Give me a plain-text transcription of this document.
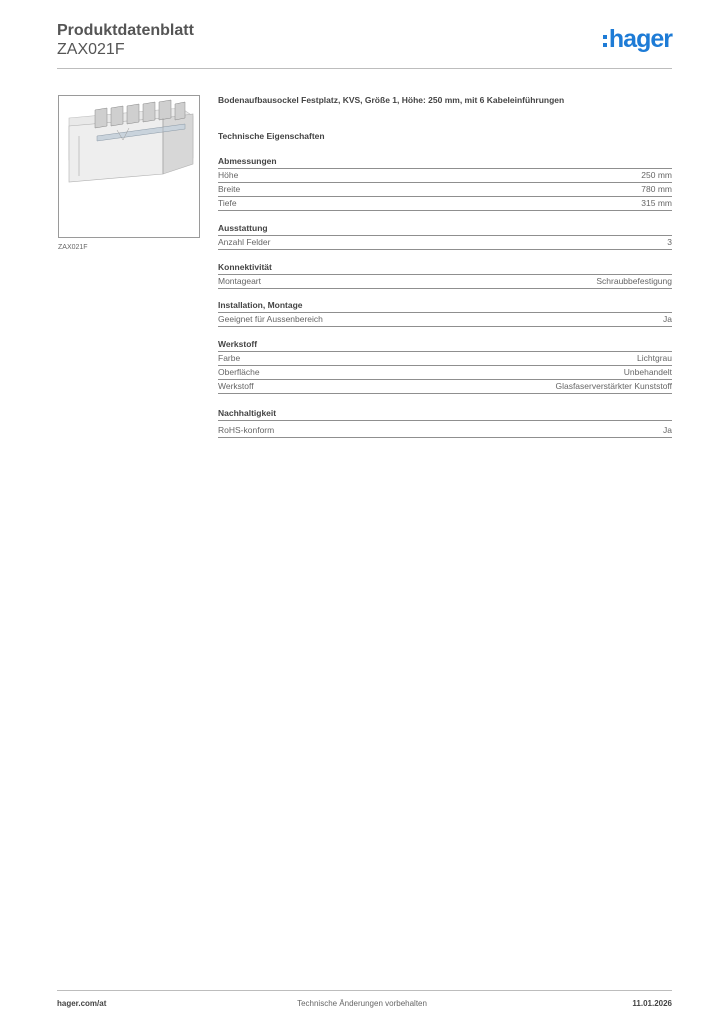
Produktdatenblatt
ZAX021F	hager
ZAX021F

Bodenaufbausockel Festplatz, KVS, Größe 1, Höhe: 250 mm, mit 6 Kabeleinführungen

Technische Eigenschaften
Abmessungen
Höhe	250 mm
Breite	780 mm
Tiefe	315 mm
Ausstattung
Anzahl Felder	3
Konnektivität
Montageart	Schraubbefestigung
Installation, Montage
Geeignet für Aussenbereich	Ja
Werkstoff
Farbe	Lichtgrau
Oberfläche	Unbehandelt
Werkstoff	Glasfaserverstärkter Kunststoff
Nachhaltigkeit
RoHS-konform	Ja
hager.com/at	Technische Änderungen vorbehalten	11.01.2026
